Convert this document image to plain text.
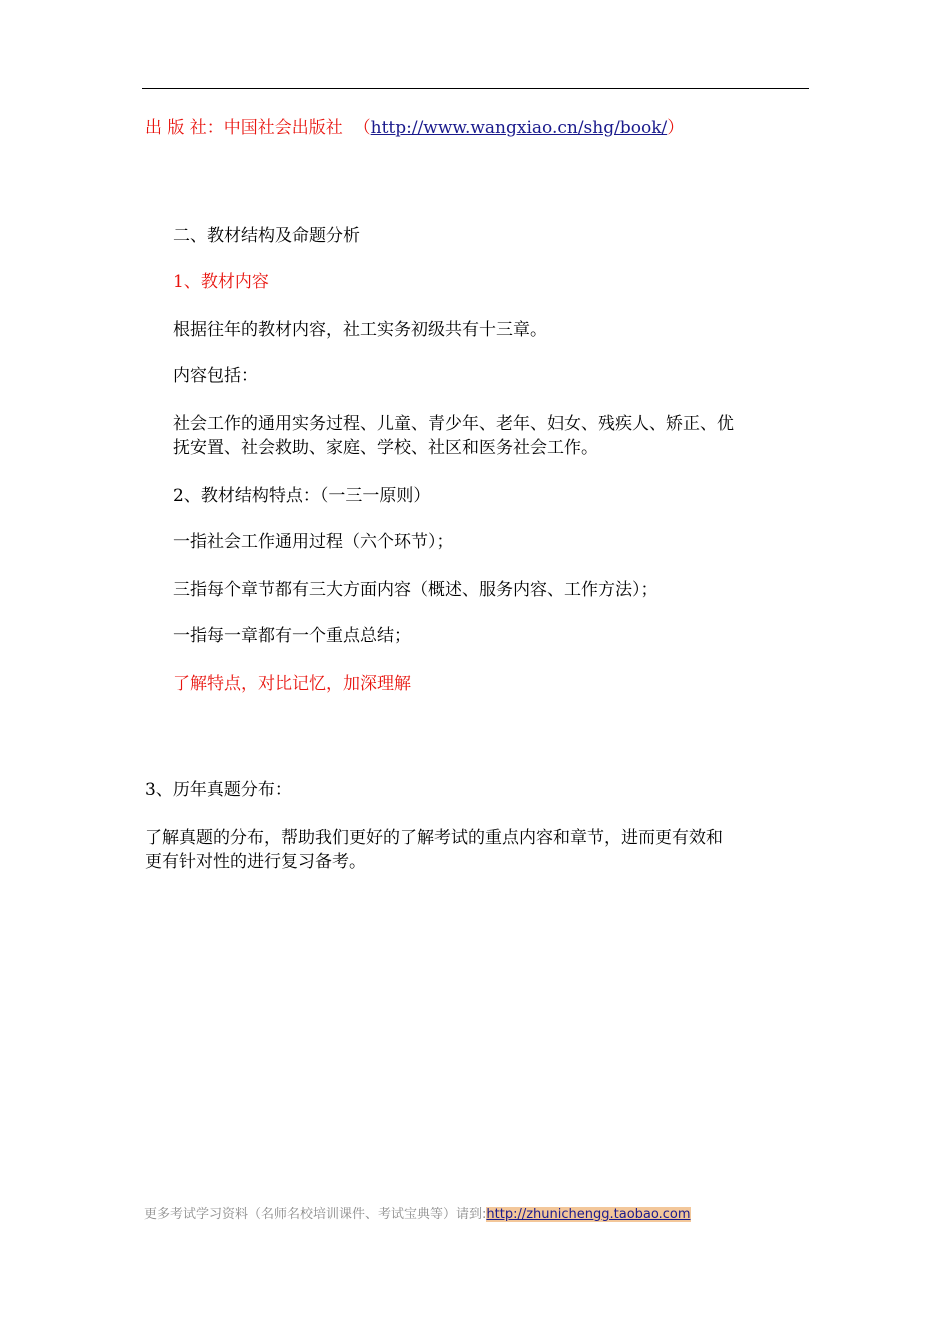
出 版 社：中国社会出版社 （http://www.wangxiao.cn/shg/book/）
二、教材结构及命题分析
1、教材内容
根据往年的教材内容，社工实务初级共有十三章。
内容包括：
社会工作的通用实务过程、儿童、青少年、老年、妇女、残疾人、矫正、优
抚安置、社会救助、家庭、学校、社区和医务社会工作。
2、教材结构特点：（一三一原则）
一指社会工作通用过程（六个环节）；
三指每个章节都有三大方面内容（概述、服务内容、工作方法）；
一指每一章都有一个重点总结；
了解特点，对比记忆，加深理解
3、历年真题分布：
了解真题的分布，帮助我们更好的了解考试的重点内容和章节，进而更有效和
更有针对性的进行复习备考。
更多考试学习资料（名师名校培训课件、考试宝典等）请到:http://zhunichengg.taobao.com
